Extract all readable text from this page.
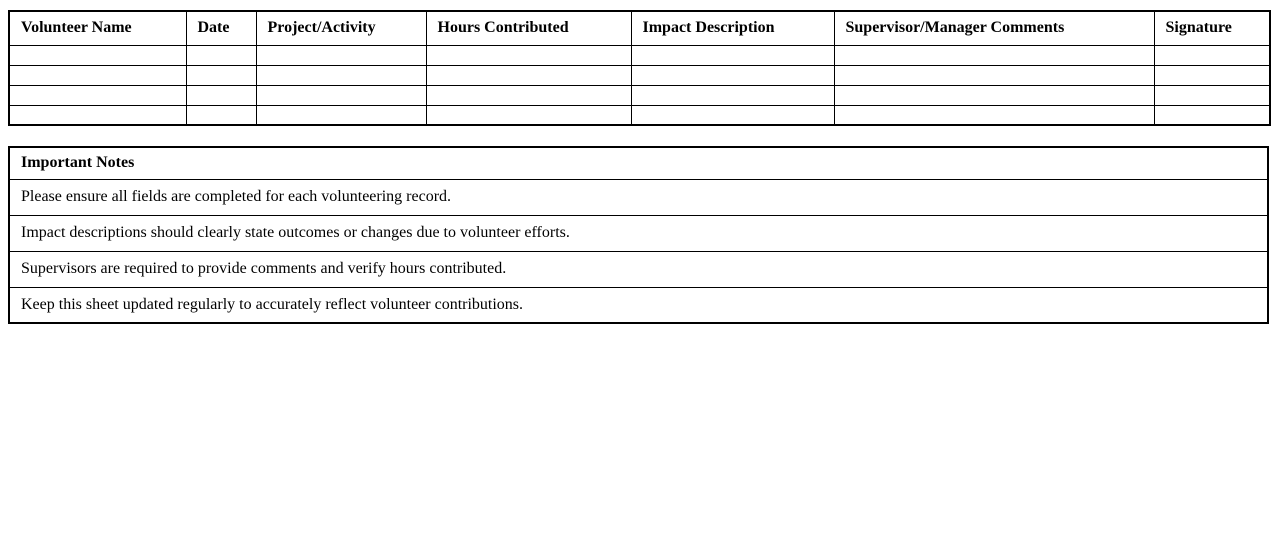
Volunteer Name	Date	Project/Activity	Hours Contributed	Impact Description	Supervisor/Manager Comments	Signature

Important Notes
Please ensure all fields are completed for each volunteering record.
Impact descriptions should clearly state outcomes or changes due to volunteer efforts.
Supervisors are required to provide comments and verify hours contributed.
Keep this sheet updated regularly to accurately reflect volunteer contributions.
